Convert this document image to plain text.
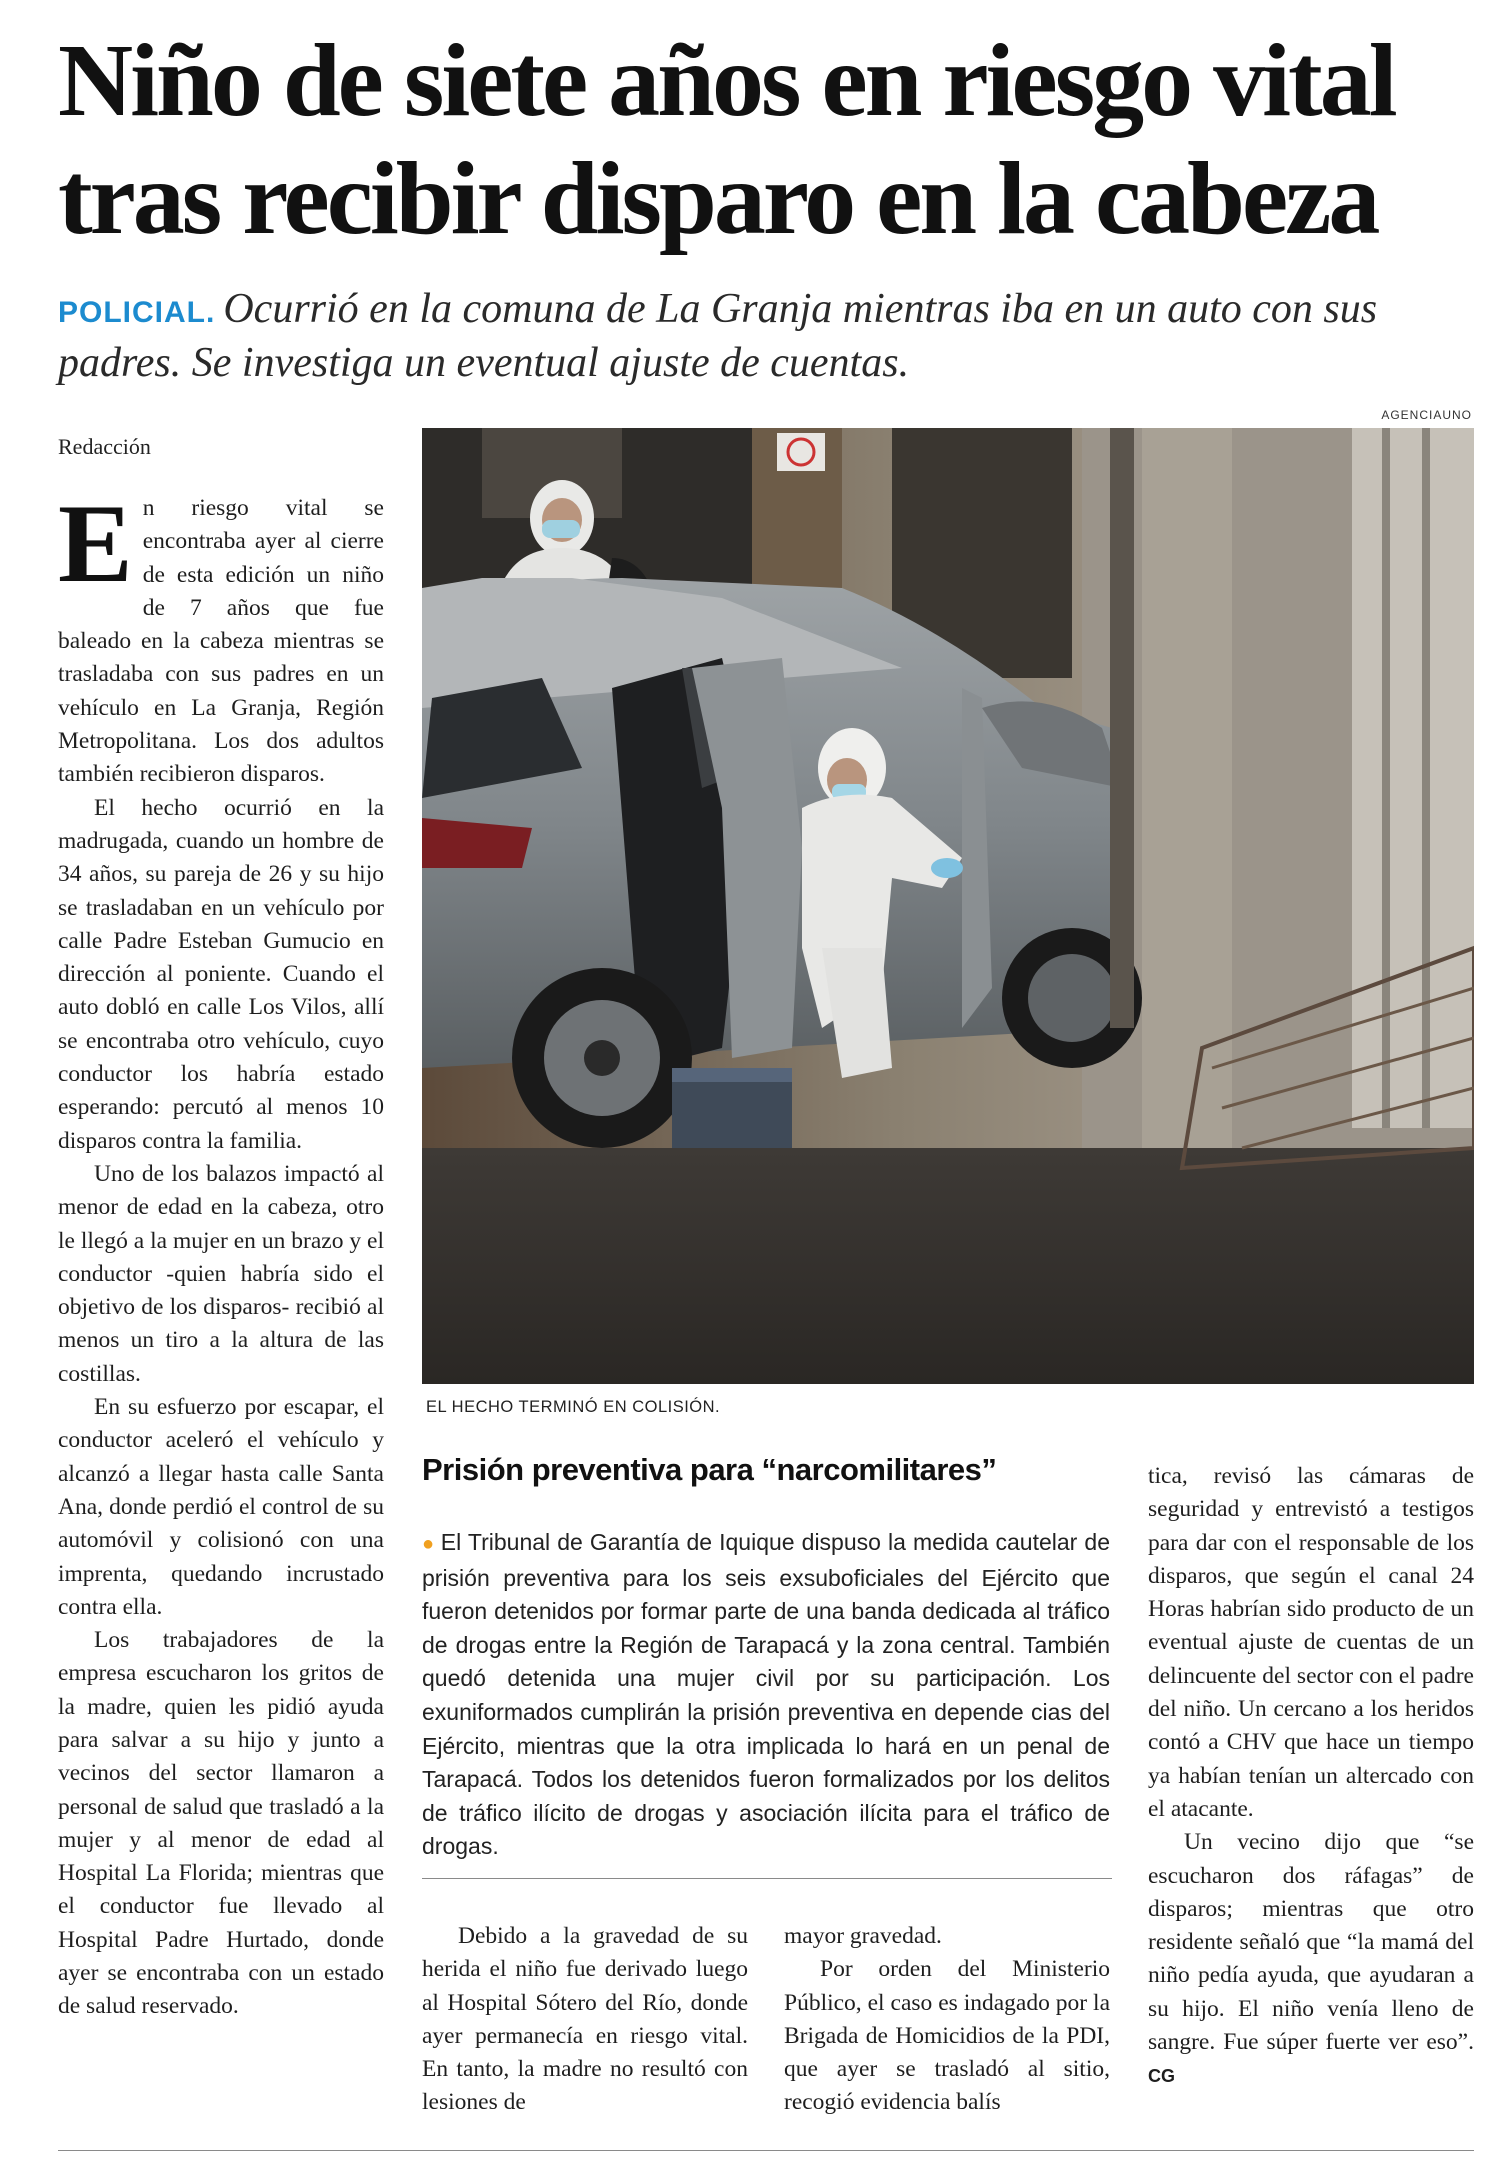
Niño de siete años en riesgo vital
tras recibir disparo en la cabeza
POLICIAL. Ocurrió en la comuna de La Granja mientras iba en un auto con sus padres. Se investiga un eventual ajuste de cuentas.
AGENCIAUNO
Redacción

En riesgo vital se encontraba ayer al cierre de esta edición un niño de 7 años que fue baleado en la cabeza mientras se trasladaba con sus padres en un vehículo en La Granja, Región Metropolitana. Los dos adultos también recibieron disparos.

El hecho ocurrió en la madrugada, cuando un hombre de 34 años, su pareja de 26 y su hijo se trasladaban en un vehículo por calle Padre Esteban Gumucio en dirección al poniente. Cuando el auto dobló en calle Los Vilos, allí se encontraba otro vehículo, cuyo conductor los habría estado esperando: percutó al menos 10 disparos contra la familia.

Uno de los balazos impactó al menor de edad en la cabeza, otro le llegó a la mujer en un brazo y el conductor -quien habría sido el objetivo de los disparos- recibió al menos un tiro a la altura de las costillas.

En su esfuerzo por escapar, el conductor aceleró el vehículo y alcanzó a llegar hasta calle Santa Ana, donde perdió el control de su automóvil y colisionó con una imprenta, quedando incrustado contra ella.

Los trabajadores de la empresa escucharon los gritos de la madre, quien les pidió ayuda para salvar a su hijo y junto a vecinos del sector llamaron a personal de salud que trasladó a la mujer y al menor de edad al Hospital La Florida; mientras que el conductor fue llevado al Hospital Padre Hurtado, donde ayer se encontraba con un estado de salud reservado.

EL HECHO TERMINÓ EN COLISIÓN.
Prisión preventiva para “narcomilitares”
● El Tribunal de Garantía de Iquique dispuso la medida cautelar de prisión preventiva para los seis exsuboficiales del Ejército que fueron detenidos por formar parte de una banda dedicada al tráfico de drogas entre la Región de Tarapacá y la zona central. También quedó detenida una mujer civil por su participación. Los exuniformados cumplirán la prisión preventiva en depende cias del Ejército, mientras que la otra implicada lo hará en un penal de Tarapacá. Todos los detenidos fueron formalizados por los delitos de tráfico ilícito de drogas y asociación ilícita para el tráfico de drogas.

Debido a la gravedad de su herida el niño fue derivado luego al Hospital Sótero del Río, donde ayer permanecía en riesgo vital. En tanto, la madre no resultó con lesiones de

mayor gravedad.

Por orden del Ministerio Público, el caso es indagado por la Brigada de Homicidios de la PDI, que ayer se trasladó al sitio, recogió evidencia balís

tica, revisó las cámaras de seguridad y entrevistó a testigos para dar con el responsable de los disparos, que según el canal 24 Horas habrían sido producto de un eventual ajuste de cuentas de un delincuente del sector con el padre del niño. Un cercano a los heridos contó a CHV que hace un tiempo ya habían tenían un altercado con el atacante.

Un vecino dijo que “se escucharon dos ráfagas” de disparos; mientras que otro residente señaló que “la mamá del niño pedía ayuda, que ayudaran a su hijo. El niño venía lleno de sangre. Fue súper fuerte ver eso”. CG
